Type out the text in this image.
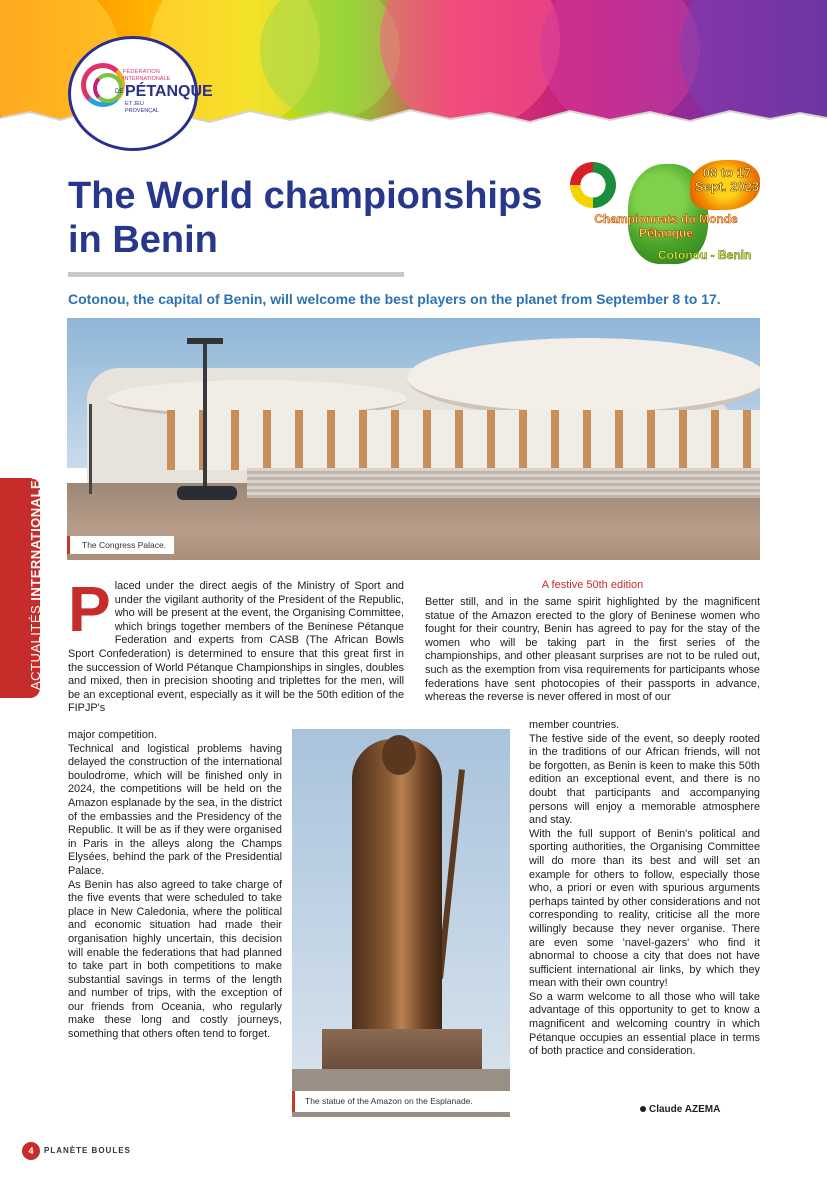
FÉDÉRATION
INTERNATIONALE
DE PÉTANQUE
ET JEU
PROVENÇAL
The World championships in Benin

Cotonou, the capital of Benin, will welcome the best players on the planet from September 8 to 17.

08 to 17 Sept. 2023
Championnats du Monde Pétanque
Cotonou - Benin
The Congress Palace.
ACTUALITÉS INTERNATIONALES
P laced under the direct aegis of the Ministry of Sport and under the vigilant authority of the President of the Republic, who will be present at the event, the Organising Committee, which brings together members of the Beninese Pétanque Federation and experts from CASB (The African Bowls Sport Confederation) is determined to ensure that this great first in the succession of World Pétanque Championships in singles, doubles and mixed, then in precision shooting and triplettes for the men, will be an exceptional event, especially as it will be the 50th edition of the FIPJP's

major competition.

Technical and logistical problems having delayed the construction of the international boulodrome, which will be finished only in 2024, the competitions will be held on the Amazon esplanade by the sea, in the district of the embassies and the Presidency of the Republic. It will be as if they were organised in Paris in the alleys along the Champs Elysées, behind the park of the Presidential Palace.

As Benin has also agreed to take charge of the five events that were scheduled to take place in New Caledonia, where the political and economic situation had made their organisation highly uncertain, this decision will enable the federations that had planned to take part in both competitions to make substantial savings in terms of the length and number of trips, with the exception of our friends from Oceania, who regularly make these long and costly journeys, something that others often tend to forget.

A festive 50th edition

Better still, and in the same spirit highlighted by the magnificent statue of the Amazon erected to the glory of Beninese women who fought for their country, Benin has agreed to pay for the stay of the women who will be taking part in the first series of the championships, and other pleasant surprises are not to be ruled out, such as the exemption from visa requirements for participants whose federations have sent photocopies of their passports in advance, whereas the reverse is never offered in most of our

member countries.

The festive side of the event, so deeply rooted in the traditions of our African friends, will not be forgotten, as Benin is keen to make this 50th edition an exceptional event, and there is no doubt that participants and accompanying persons will enjoy a memorable atmosphere and stay.

With the full support of Benin's political and sporting authorities, the Organising Committee will do more than its best and will set an example for others to follow, especially those who, a priori or even with spurious arguments perhaps tainted by other considerations and not corresponding to reality, criticise all the more willingly because they never organise. There are even some 'navel-gazers' who find it abnormal to choose a city that does not have sufficient international air links, by which they mean with their own country!

So a warm welcome to all those who will take advantage of this opportunity to get to know a magnificent and welcoming country in which Pétanque occupies an essential place in terms of both practice and consideration.

Claude AZEMA
The statue of the Amazon on the Esplanade.
4	PLANÈTE BOULES
